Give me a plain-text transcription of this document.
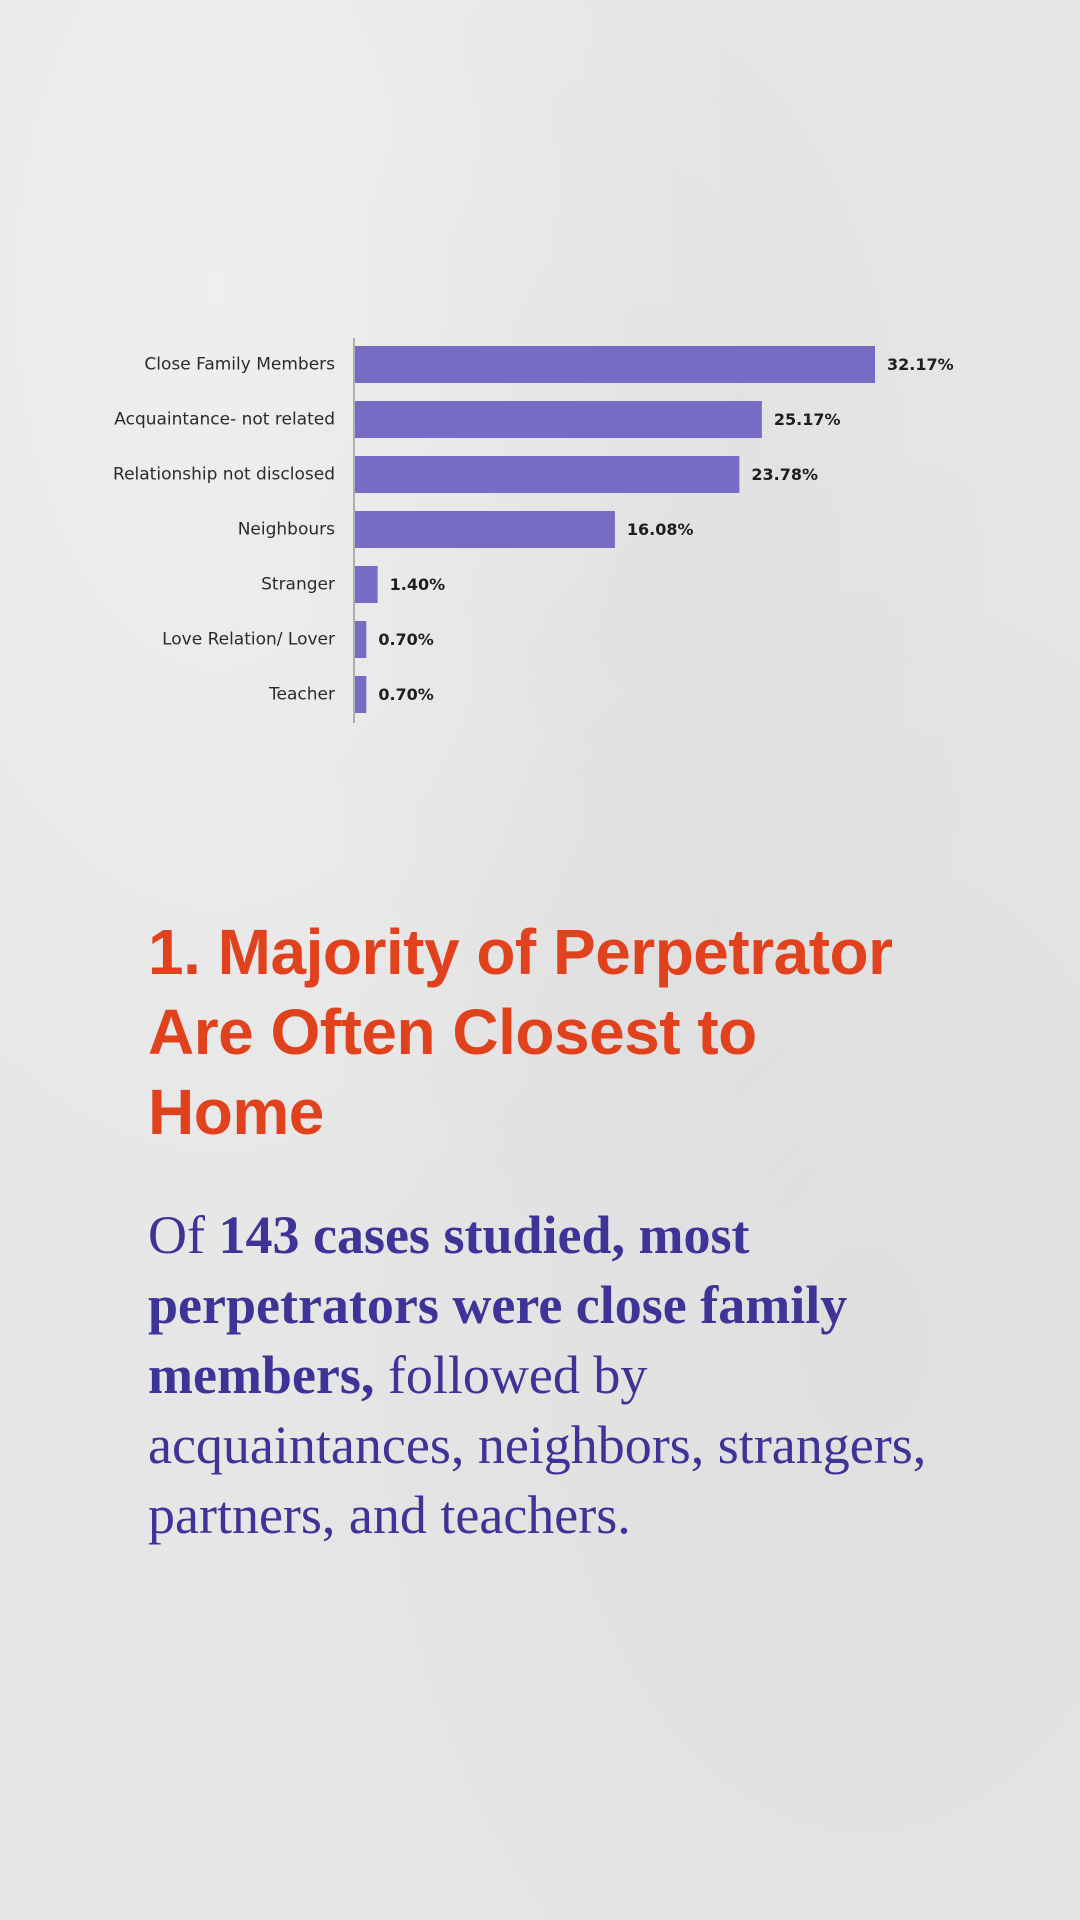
Close Family Members	32.17%
Acquaintance- not related	25.17%
Relationship not disclosed	23.78%
Neighbours	16.08%
Stranger	1.40%
Love Relation/ Lover	0.70%
Teacher	0.70%
1. Majority of Perpetrator Are Often Closest to Home

Of 143 cases studied, most perpetrators were close family members, followed by acquaintances, neighbors, strangers, partners, and teachers.
